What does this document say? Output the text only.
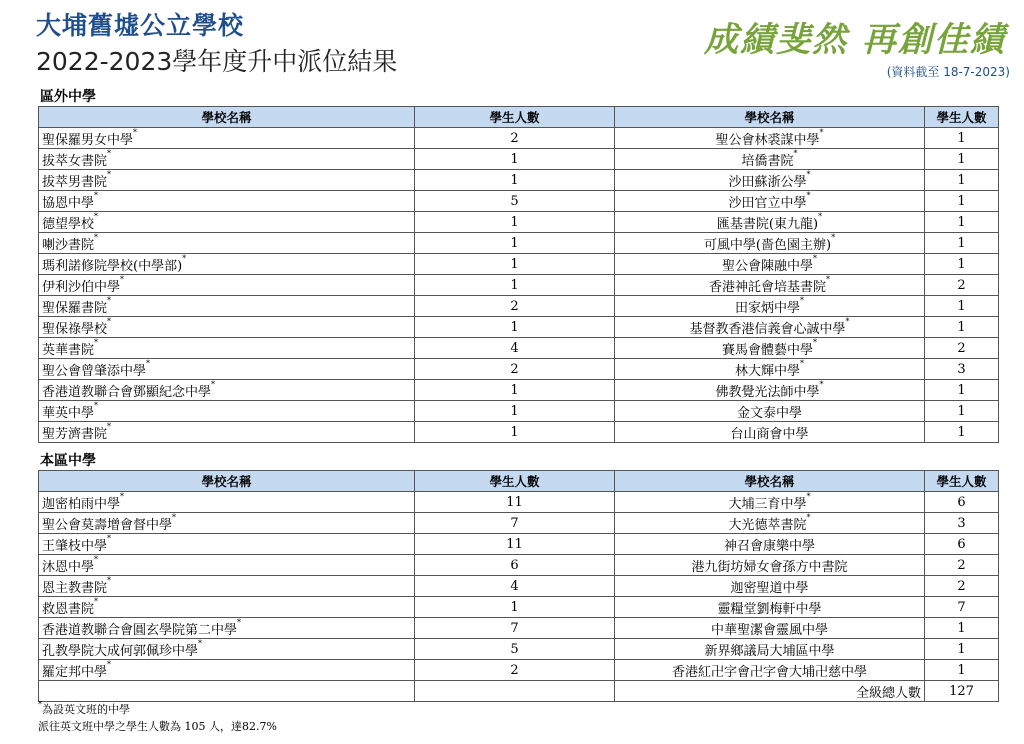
大埔舊墟公立學校
2022-2023學年度升中派位結果
成績斐然 再創佳績
(資料截至 18-7-2023)
區外中學
學校名稱	學生人數	學校名稱	學生人數
聖保羅男女中學*	2	聖公會林裘謀中學*	1
拔萃女書院*	1	培僑書院*	1
拔萃男書院*	1	沙田蘇浙公學*	1
協恩中學*	5	沙田官立中學*	1
德望學校*	1	匯基書院(東九龍)*	1
喇沙書院*	1	可風中學(嗇色園主辦)*	1
瑪利諾修院學校(中學部)*	1	聖公會陳融中學*	1
伊利沙伯中學*	1	香港神託會培基書院*	2
聖保羅書院*	2	田家炳中學*	1
聖保祿學校*	1	基督教香港信義會心誠中學*	1
英華書院*	4	賽馬會體藝中學*	2
聖公會曾肇添中學*	2	林大輝中學*	3
香港道教聯合會鄧顯紀念中學*	1	佛教覺光法師中學*	1
華英中學*	1	金文泰中學	1
聖芳濟書院*	1	台山商會中學	1
本區中學
學校名稱	學生人數	學校名稱	學生人數
迦密柏雨中學*	11	大埔三育中學*	6
聖公會莫壽增會督中學*	7	大光德萃書院*	3
王肇枝中學*	11	神召會康樂中學	6
沐恩中學*	6	港九街坊婦女會孫方中書院	2
恩主教書院*	4	迦密聖道中學	2
救恩書院*	1	靈糧堂劉梅軒中學	7
香港道教聯合會圓玄學院第二中學*	7	中華聖潔會靈風中學	1
孔教學院大成何郭佩珍中學*	5	新界鄉議局大埔區中學	1
羅定邦中學*	2	香港紅卍字會卍字會大埔卍慈中學	1
		全級總人數	127
*為設英文班的中學
派往英文班中學之學生人數為 105 人，達82.7%
